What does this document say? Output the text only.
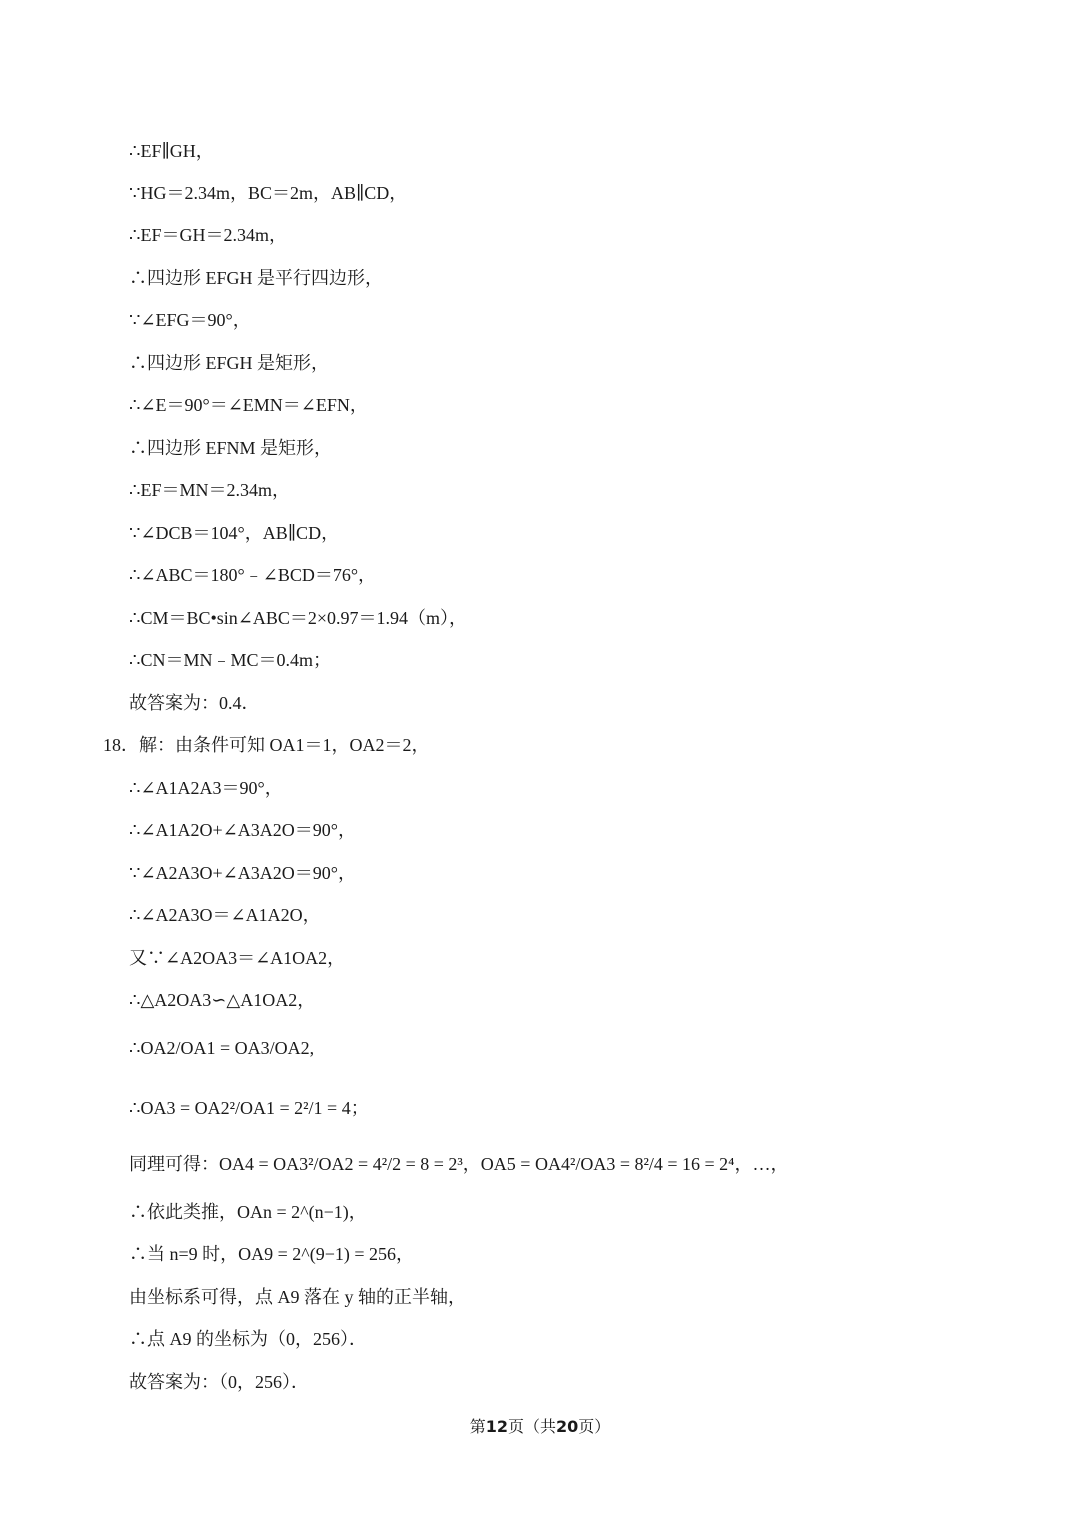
∴EF∥GH，
∵HG＝2.34m，BC＝2m，AB∥CD，
∴EF＝GH＝2.34m，
∴四边形 EFGH 是平行四边形，
∵∠EFG＝90°，
∴四边形 EFGH 是矩形，
∴∠E＝90°＝∠EMN＝∠EFN，
∴四边形 EFNM 是矩形，
∴EF＝MN＝2.34m，
∵∠DCB＝104°，AB∥CD，
∴∠ABC＝180°﹣∠BCD＝76°，
∴CM＝BC•sin∠ABC＝2×0.97＝1.94（m），
∴CN＝MN﹣MC＝0.4m；
故答案为：0.4．
18．解：由条件可知 OA1＝1，OA2＝2，
∴∠A1A2A3＝90°，
∴∠A1A2O+∠A3A2O＝90°，
∵∠A2A3O+∠A3A2O＝90°，
∴∠A2A3O＝∠A1A2O，
又∵∠A2OA3＝∠A1OA2，
∴△A2OA3∽△A1OA2，
∴OA2/OA1 = OA3/OA2,
∴OA3 = OA2²/OA1 = 2²/1 = 4；
同理可得：OA4 = OA3²/OA2 = 4²/2 = 8 = 2³，OA5 = OA4²/OA3 = 8²/4 = 16 = 2⁴，…，
∴依此类推，OAn = 2^(n−1)，
∴当 n=9 时，OA9 = 2^(9−1) = 256，
由坐标系可得，点 A9 落在 y 轴的正半轴，
∴点 A9 的坐标为（0，256）．
故答案为：（0，256）．
第12页（共20页）
